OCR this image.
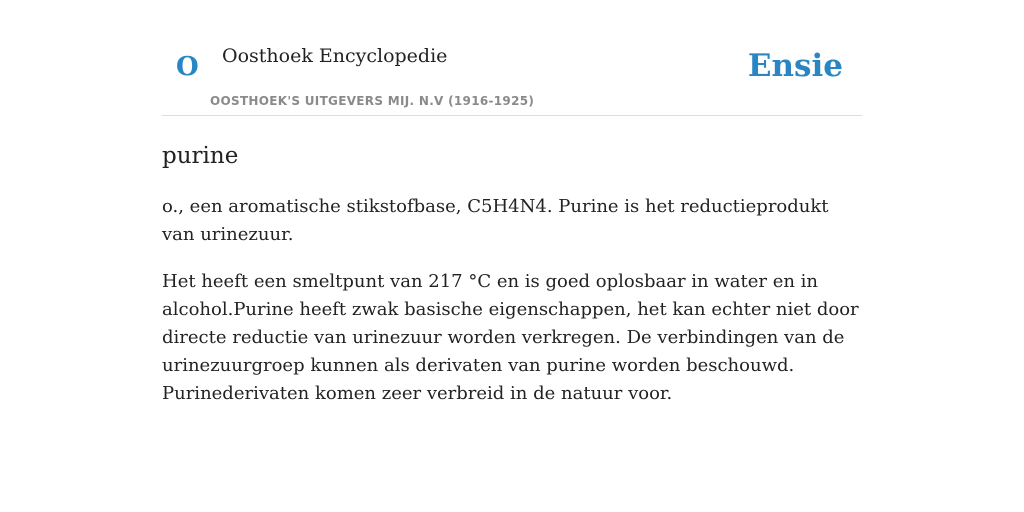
O Oosthoek Encyclopedie
OOSTHOEK'S UITGEVERS MIJ. N.V (1916-1925)
Ensie
purine

o., een aromatische stikstofbase, C5H4N4. Purine is het reductieprodukt van urinezuur.

Het heeft een smeltpunt van 217 °C en is goed oplosbaar in water en in alcohol.Purine heeft zwak basische eigenschappen, het kan echter niet door directe reductie van urinezuur worden verkregen. De verbindingen van de urinezuurgroep kunnen als derivaten van purine worden beschouwd. Purinederivaten komen zeer verbreid in de natuur voor.
